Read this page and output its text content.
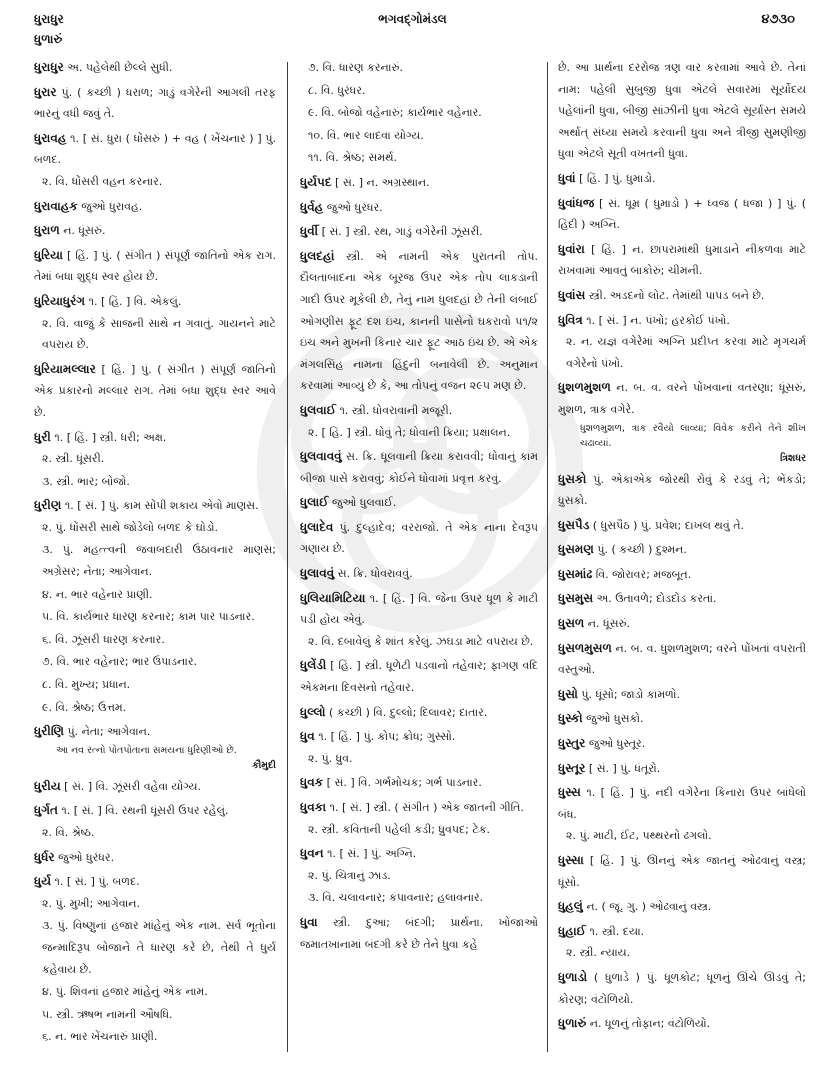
ધુરાધુર
ધુળારું
ભગવદ્ગોમંડલ	૪૭૩૦
ધુરાધુર અ. પહેલેથી છેલ્લે સુધી.
ધુરાર પું. ( કચ્છી ) ધરાળ; ગાડું વગેરેની આગલી તરફ ભારનું વધી જવું તે.
ધુરાવહ ૧. [ સં. ધુરા ( ધોંસરું ) + વહ ( ખેંચનાર ) ] પું. બળદ.
૨. વિ. ધોંસરી વહન કરનાર.
ધુરાવાહક જુઓ ધુરાવહ.
ધુરાળ ન. ધૂંસરું.
ધુરિયા [ હિં. ] પું. ( સંગીત ) સંપૂર્ણ જાતિનો એક રાગ. તેમાં બધા શુદ્ધ સ્વર હોય છે.
ધુરિયાધુરંગ ૧. [ હિં. ] વિ. એકલું.
૨. વિ. વાજું કે સાજની સાથે ન ગવાતું. ગાયનને માટે વપરાય છે.
ધુરિયામલ્લાર [ હિં. ] પું. ( સંગીત ) સંપૂર્ણ જાતિનો એક પ્રકારનો મલ્લાર રાગ. તેમાં બધા શુદ્ધ સ્વર આવે છે.
ધુરી ૧. [ હિં. ] સ્ત્રી. ધરી; અક્ષ.
૨. સ્ત્રી. ધૂંસરી.
૩. સ્ત્રી. ભાર; બોજો.
ધુરીણ ૧. [ સં. ] પું. કામ સોંપી શકાય એવો માણસ.
૨. પું. ધોંસરી સાથે જોડેલો બળદ કે ઘોડો.
૩. પું. મહત્ત્વની જવાબદારી ઉઠાવનાર માણસ; અગ્રેસર; નેતા; આગેવાન.
૪. ન. ભાર વહેનાર પ્રાણી.
૫. વિ. કાર્યભાર ધારણ કરનાર; કામ પાર પાડનાર.
૬. વિ. ઝૂંસરી ધારણ કરનાર.
૭. વિ. ભાર વહેનાર; ભાર ઉપાડનાર.
૮. વિ. મુખ્ય; પ્રધાન.
૯. વિ. શ્રેષ્ઠ; ઉત્તમ.
ધુરીણિ પું. નેતા; આગેવાન.
આ નવ રત્નો પોતપોતાના સમયના ધુરિણીઓ છે.
કૌમુદી
ધુરીય [ સં. ] વિ. ઝૂંસરી વહેવા યોગ્ય.
ધુર્ગત ૧. [ સં. ] વિ. રથની ધૂંસરી ઉપર રહેલું.
૨. વિ. શ્રેષ્ઠ.
ધુર્ધર જુઓ ધુરંધર.
ધુર્ય ૧. [ સં. ] પું. બળદ.
૨. પું. મુખી; આગેવાન.
૩. પું. વિષ્ણુનાં હજાર માંહેનું એક નામ. સર્વ ભૂતોના જન્માદિરૂપ બોજાને તે ધારણ કરે છે, તેથી તે ધુર્ય કહેવાય છે.
૪. પું. શિવનાં હજાર માંહેનું એક નામ.
૫. સ્ત્રી. ઋષભ નામની ઔષધિ.
૬. ન. ભાર ખેંચનારું પ્રાણી.
૭. વિ. ધારણ કરનારું.
૮. વિ. ધુરંધર.
૯. વિ. બોજો વહેનારું; કાર્યભાર વહેનાર.
૧૦. વિ. ભાર લાદવા યોગ્ય.
૧૧. વિ. શ્રેષ્ઠ; સમર્થ.
ધુર્યપદ [ સં. ] ન. અગ્રસ્થાન.
ધુર્વહ જુઓ ધુરંધર.
ધુર્વી [ સં. ] સ્ત્રી. રથ, ગાડું વગેરેની ઝૂંસરી.
ધુલદહાં સ્ત્રી. એ નામની એક પુરાતની તોપ. દૌલતાબાદના એક બૂરજ ઉપર એક તોપ લાકડાની ગાદી ઉપર મૂકેલી છે, તેનું નામ ધુલદહાં છે તેની લંબાઈ ઓગણીસ ફૂટ દશ ઇંચ, કાનની પાસેનો ઘકરાવો પ૧/૨ ઇંચ અને મુખની કિનાર ચાર ફૂટ આઠ ઇંચ છે. એ એક મંગલસિંહ નામના હિંદુની બનાવેલી છે. અનુમાન કરવામાં આવ્યું છે કે, આ તોપનું વજન ૨૯૫ મણ છે.
ધુલવાઈ ૧. સ્ત્રી. ધોવરાવાની મજૂરી.
૨. [ હિં. ] સ્ત્રી. ધોવું તે; ધોવાની ક્રિયા; પ્રક્ષાલન.
ધુલવાવવું સ. ક્રિ. ધૂલવાની ક્રિયા કરાવવી; ધોવાનું કામ બીજા પાસે કરાવવું; કોઈને ધોવામાં પ્રવૃત્ત કરવું.
ધુલાઈ જુઓ ધુલવાઈ.
ધુલાદેવ પું. દુલ્હાદેવ; વરરાજો. તે એક નાના દેવરૂપ ગણાય છે.
ધુલાવવું સ. ક્રિ. ધોવરાવવું.
ધુલિયામિટિયા ૧. [ હિં. ] વિ. જેના ઉપર ધૂળ કે માટી પડી હોય એવું.
૨. વિ. દબાવેલું કે શાંત કરેલું. ઝઘડા માટે વપરાય છે.
ધુલેંડી [ હિં. ] સ્ત્રી. ધૂળેટી પડવાનો તહેવાર; ફાગણ વદિ એકમના દિવસનો તહેવાર.
ધુલ્લો ( કચ્છી ) વિ. દુલ્લો; દિલાવર; દાતાર.
ધુવ ૧. [ હિં. ] પું. કોપ; ક્રોધ; ગુસ્સો.
૨. પું. ધ્રુવ.
ધુવક [ સં. ] વિ. ગર્ભમોચક; ગર્ભ પાડનાર.
ધુવકા ૧. [ સં. ] સ્ત્રી. ( સંગીત ) એક જાતની ગીતિ.
૨. સ્ત્રી. કવિતાની પહેલી કડી; ધ્રુવપદ; ટેક.
ધુવન ૧. [ સં. ] પું. અગ્નિ.
૨. પું. ચિત્રાનું ઝાડ.
૩. વિ. ચલાવનાર; કંપાવનાર; હલાવનાર.
ધુવા સ્ત્રી. દુઆ; બંદગી; પ્રાર્થના. ખોજાઓ જમાતખાનામાં બંદગી કરે છે તેને ધુવા કહે
છે. આ પ્રાર્થના દરરોજ ત્રણ વાર કરવામાં આવે છે. તેનાં નામ: પહેલી સુબુજી ધુવા એટલે સવારમાં સૂર્યોદય પહેલાંની ધુવા, બીજી સાંઝીની ધુવા એટલે સૂર્યાસ્ત સમયે અર્થાત્ સંધ્યા સમયે કરવાની ધુવા અને ત્રીજી સુમણીજી ધુવા એટલે સૂતી વખતની ધુવા.
ધુવાં [ હિં. ] પું. ધુમાડો.
ધુવાંધજ [ સં. ધૂમ્ર ( ધુમાડો ) + ધ્વજ ( ધજા ) ] પું. ( હિંદી ) અગ્નિ.
ધુવાંરા [ હિં. ] ન. છાપરામાંથી ધુમાડાને નીકળવા માટે રાખવામાં આવતું બાકોરું; ચીમની.
ધુવાંસ સ્ત્રી. અડદનો લોટ. તેમાંથી પાપડ બને છે.
ધુવિત્ર ૧. [ સં. ] ન. પંખો; હરકોઈ પંખો.
૨. ન. યજ્ઞ વગેરેમાં અગ્નિ પ્રદીપ્ત કરવા માટે મૃગચર્મ વગેરેનો પંખો.
ધુશળમુશળ ન. બ. વ. વરને પોંખવાનાં વતરણાં; ધૂંસરું, મુશળ, ત્રાક વગેરે.
ધુશળમુશળ, ત્રાક રવૈયો લાવ્યા; વિવેક કરીને તેને શીખ ચઢાવ્યાં.
ત્રિશધર
ધુસકો પું. એકાએક જોરથી રોવું કે રડવું તે; ભેંકડો; ધ્રુસકો.
ધુસપૈડ ( ધુસપૈઠ ) પું. પ્રવેશ; દાખલ થવું તે.
ધુસમણ પું. ( કચ્છી ) દુશ્મન.
ધુસમાંઢ વિ. જોરાવર; મજબૂત.
ધુસમુસ અ. ઉતાવળે; દોડદોડ કરતાં.
ધુસળ ન. ધૂંસરું.
ધુસળમુસળ ન. બ. વ. ધુશળમુશળ; વરને પોંખતાં વપરાતી વસ્તુઓ.
ધુસો પું. ધૂંસો; જાડો કામળો.
ધુસ્કો જુઓ ધુસકો.
ધુસ્તુર જુઓ ધુસ્તૂર.
ધુસ્તૂર [ સં. ] પું. ધંતૂરો.
ધુસ્સ ૧. [ હિં. ] પું. નદી વગેરેના કિનારા ઉપર બાંધેલો બંધ.
૨. પું. માટી, ઈંટ, પથ્થરનો ઢગલો.
ધુસ્સા [ હિં. ] પું. ઊનનું એક જાતનું ઓઢવાનું વસ્ત્ર; ધૂંસો.
ધુહલું ન. ( જૂ. ગુ. ) ઓઢવાનું વસ્ત્ર.
ધુહાઈ ૧. સ્ત્રી. દયા.
૨. સ્ત્રી. ન્યાય.
ધુળાડો ( ધુળાડે ) પું. ધૂળકોટ; ધૂળનું ઊંચે ઊડવું તે; કોરણ; વંટોળિયો.
ધુળારું ન. ધૂળનું તોફાન; વંટોળિયો.
